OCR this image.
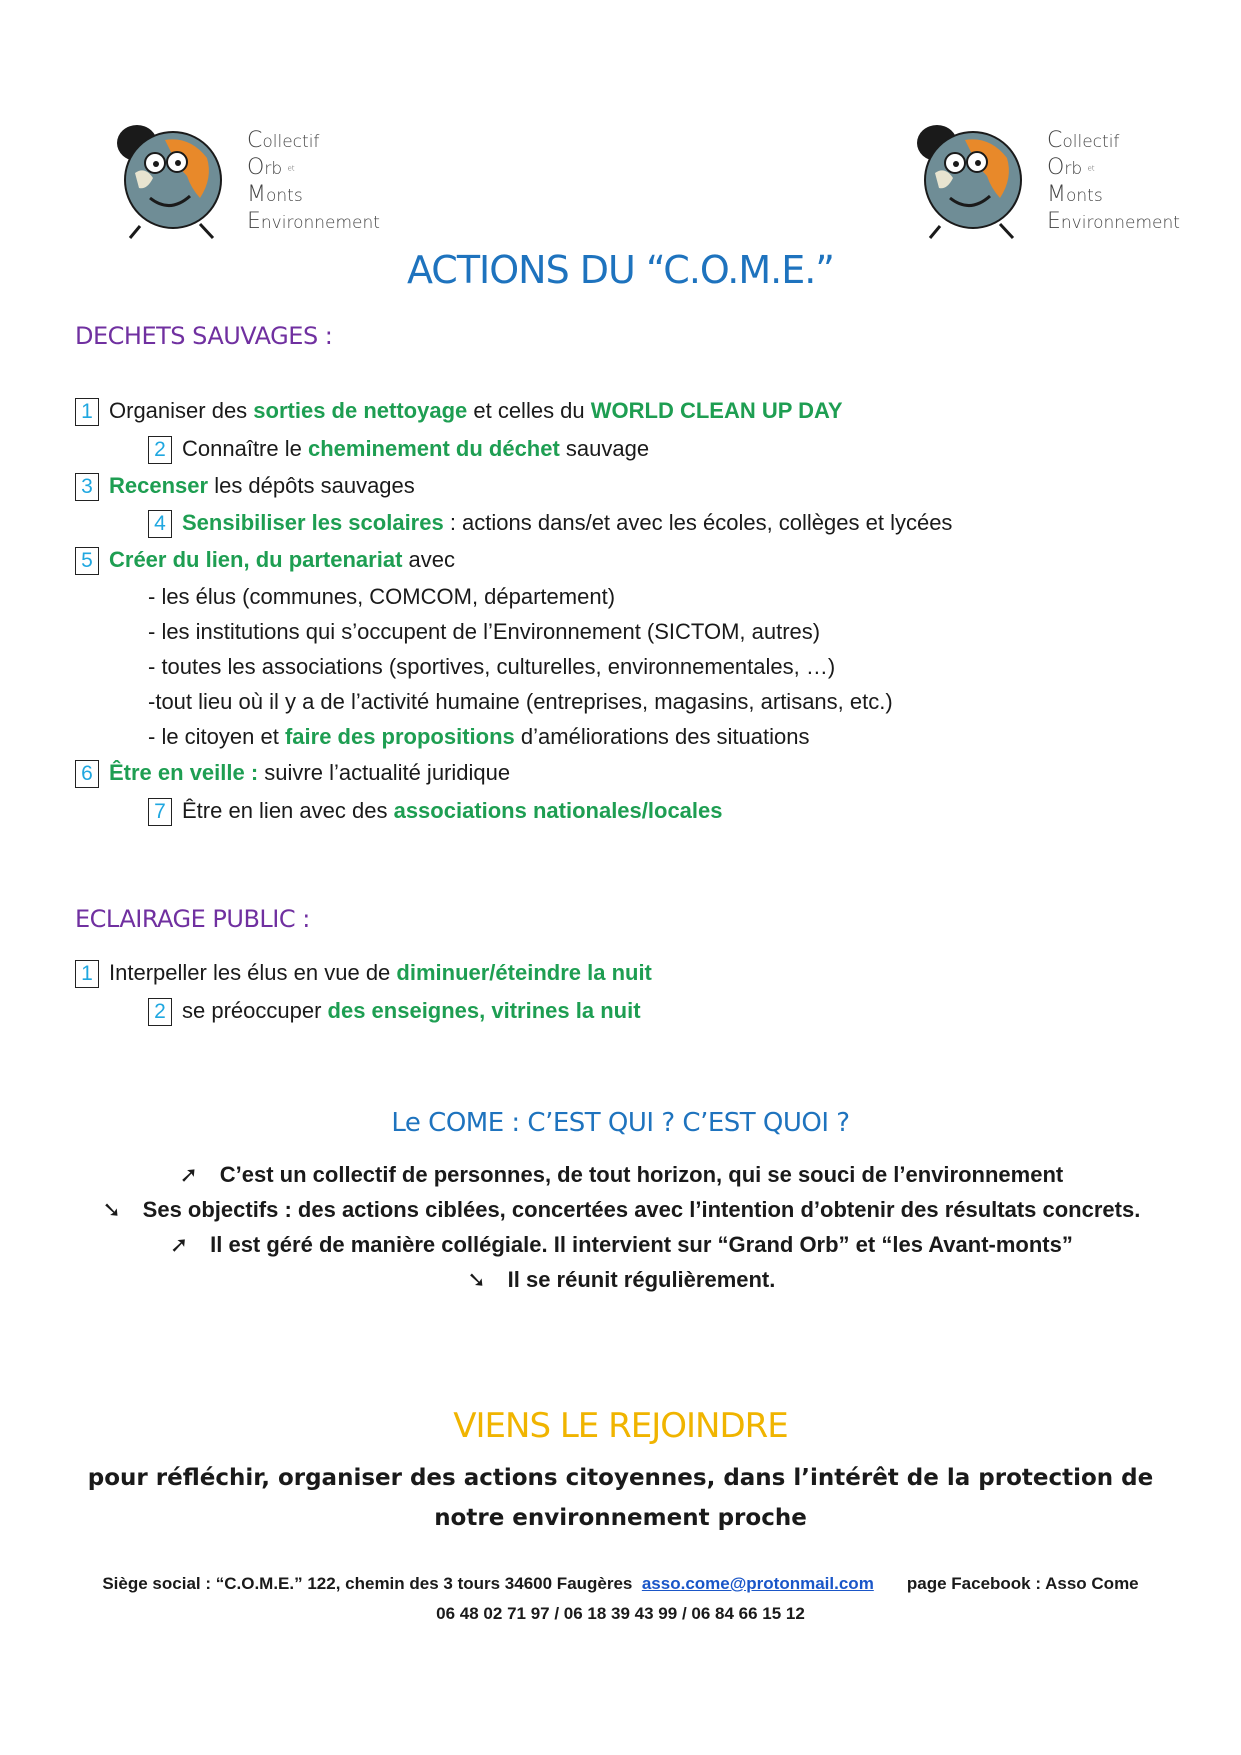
Collectif
Orb et
Monts
Environnement
Collectif
Orb et
Monts
Environnement
ACTIONS DU “C.O.M.E.”
DECHETS SAUVAGES :
1 Organiser des sorties de nettoyage et celles du WORLD CLEAN UP DAY
2 Connaître le cheminement du déchet sauvage
3 Recenser les dépôts sauvages
4 Sensibiliser les scolaires : actions dans/et avec les écoles, collèges et lycées
5 Créer du lien, du partenariat avec
- les élus (communes, COMCOM, département)
- les institutions qui s’occupent de l’Environnement (SICTOM, autres)
- toutes les associations (sportives, culturelles, environnementales, …)
-tout lieu où il y a de l’activité humaine (entreprises, magasins, artisans, etc.)
- le citoyen et faire des propositions d’améliorations des situations
6 Être en veille : suivre l’actualité juridique
7 Être en lien avec des associations nationales/locales
ECLAIRAGE PUBLIC :
1 Interpeller les élus en vue de diminuer/éteindre la nuit
2 se préoccuper des enseignes, vitrines la nuit
Le COME : C’EST QUI ? C’EST QUOI ?
➚ C’est un collectif de personnes, de tout horizon, qui se souci de l’environnement
➘ Ses objectifs : des actions ciblées, concertées avec l’intention d’obtenir des résultats concrets.
➚ Il est géré de manière collégiale. Il intervient sur “Grand Orb” et “les Avant-monts”
➘ Il se réunit régulièrement.
VIENS LE REJOINDRE
pour réfléchir, organiser des actions citoyennes, dans l’intérêt de la protection de notre environnement proche
Siège social : “C.O.M.E.” 122, chemin des 3 tours 34600 Faugères asso.come@protonmail.com page Facebook : Asso Come
06 48 02 71 97 / 06 18 39 43 99 / 06 84 66 15 12
